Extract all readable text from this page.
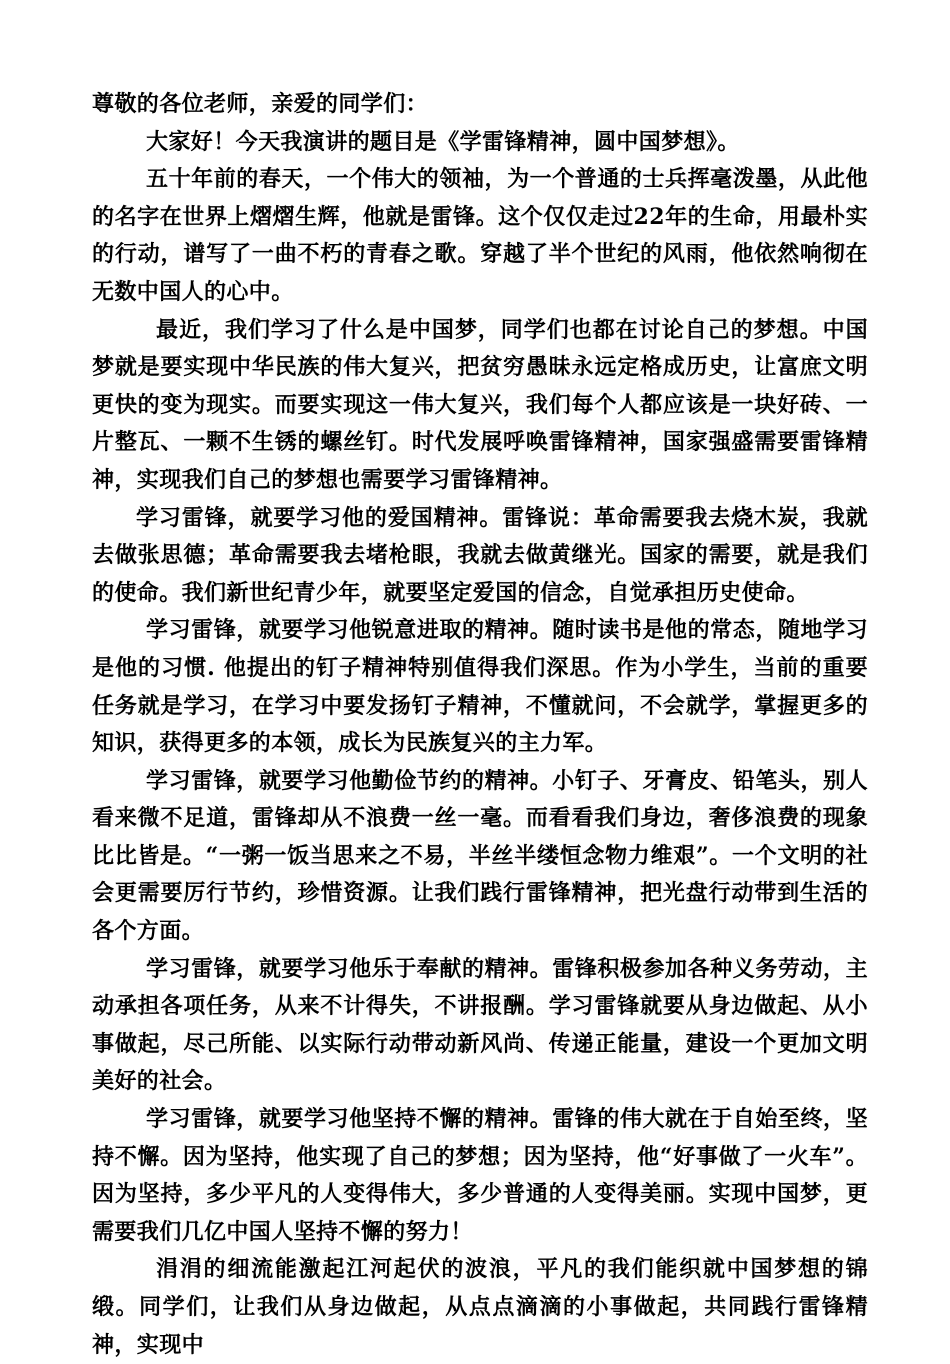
尊敬的各位老师，亲爱的同学们：

大家好！今天我演讲的题目是《学雷锋精神，圆中国梦想》。

五十年前的春天，一个伟大的领袖，为一个普通的士兵挥毫泼墨，从此他的名字在世界上熠熠生辉，他就是雷锋。这个仅仅走过22年的生命，用最朴实的行动，谱写了一曲不朽的青春之歌。穿越了半个世纪的风雨，他依然响彻在无数中国人的心中。

最近，我们学习了什么是中国梦，同学们也都在讨论自己的梦想。中国梦就是要实现中华民族的伟大复兴，把贫穷愚昧永远定格成历史，让富庶文明更快的变为现实。而要实现这一伟大复兴，我们每个人都应该是一块好砖、一片整瓦、一颗不生锈的螺丝钉。时代发展呼唤雷锋精神，国家强盛需要雷锋精神，实现我们自己的梦想也需要学习雷锋精神。

学习雷锋，就要学习他的爱国精神。雷锋说：革命需要我去烧木炭，我就去做张思德；革命需要我去堵枪眼，我就去做黄继光。国家的需要，就是我们的使命。我们新世纪青少年，就要坚定爱国的信念，自觉承担历史使命。

学习雷锋，就要学习他锐意进取的精神。随时读书是他的常态，随地学习是他的习惯. 他提出的钉子精神特别值得我们深思。作为小学生，当前的重要任务就是学习，在学习中要发扬钉子精神，不懂就问，不会就学，掌握更多的知识，获得更多的本领，成长为民族复兴的主力军。

学习雷锋，就要学习他勤俭节约的精神。小钉子、牙膏皮、铅笔头，别人看来微不足道，雷锋却从不浪费一丝一毫。而看看我们身边，奢侈浪费的现象比比皆是。“一粥一饭当思来之不易，半丝半缕恒念物力维艰”。一个文明的社会更需要厉行节约，珍惜资源。让我们践行雷锋精神，把光盘行动带到生活的各个方面。

学习雷锋，就要学习他乐于奉献的精神。雷锋积极参加各种义务劳动，主动承担各项任务，从来不计得失，不讲报酬。学习雷锋就要从身边做起、从小事做起，尽己所能、以实际行动带动新风尚、传递正能量，建设一个更加文明美好的社会。

学习雷锋，就要学习他坚持不懈的精神。雷锋的伟大就在于自始至终，坚持不懈。因为坚持，他实现了自己的梦想；因为坚持，他“好事做了一火车”。因为坚持，多少平凡的人变得伟大，多少普通的人变得美丽。实现中国梦，更需要我们几亿中国人坚持不懈的努力！

涓涓的细流能激起江河起伏的波浪，平凡的我们能织就中国梦想的锦缎。同学们，让我们从身边做起，从点点滴滴的小事做起，共同践行雷锋精神，实现中
